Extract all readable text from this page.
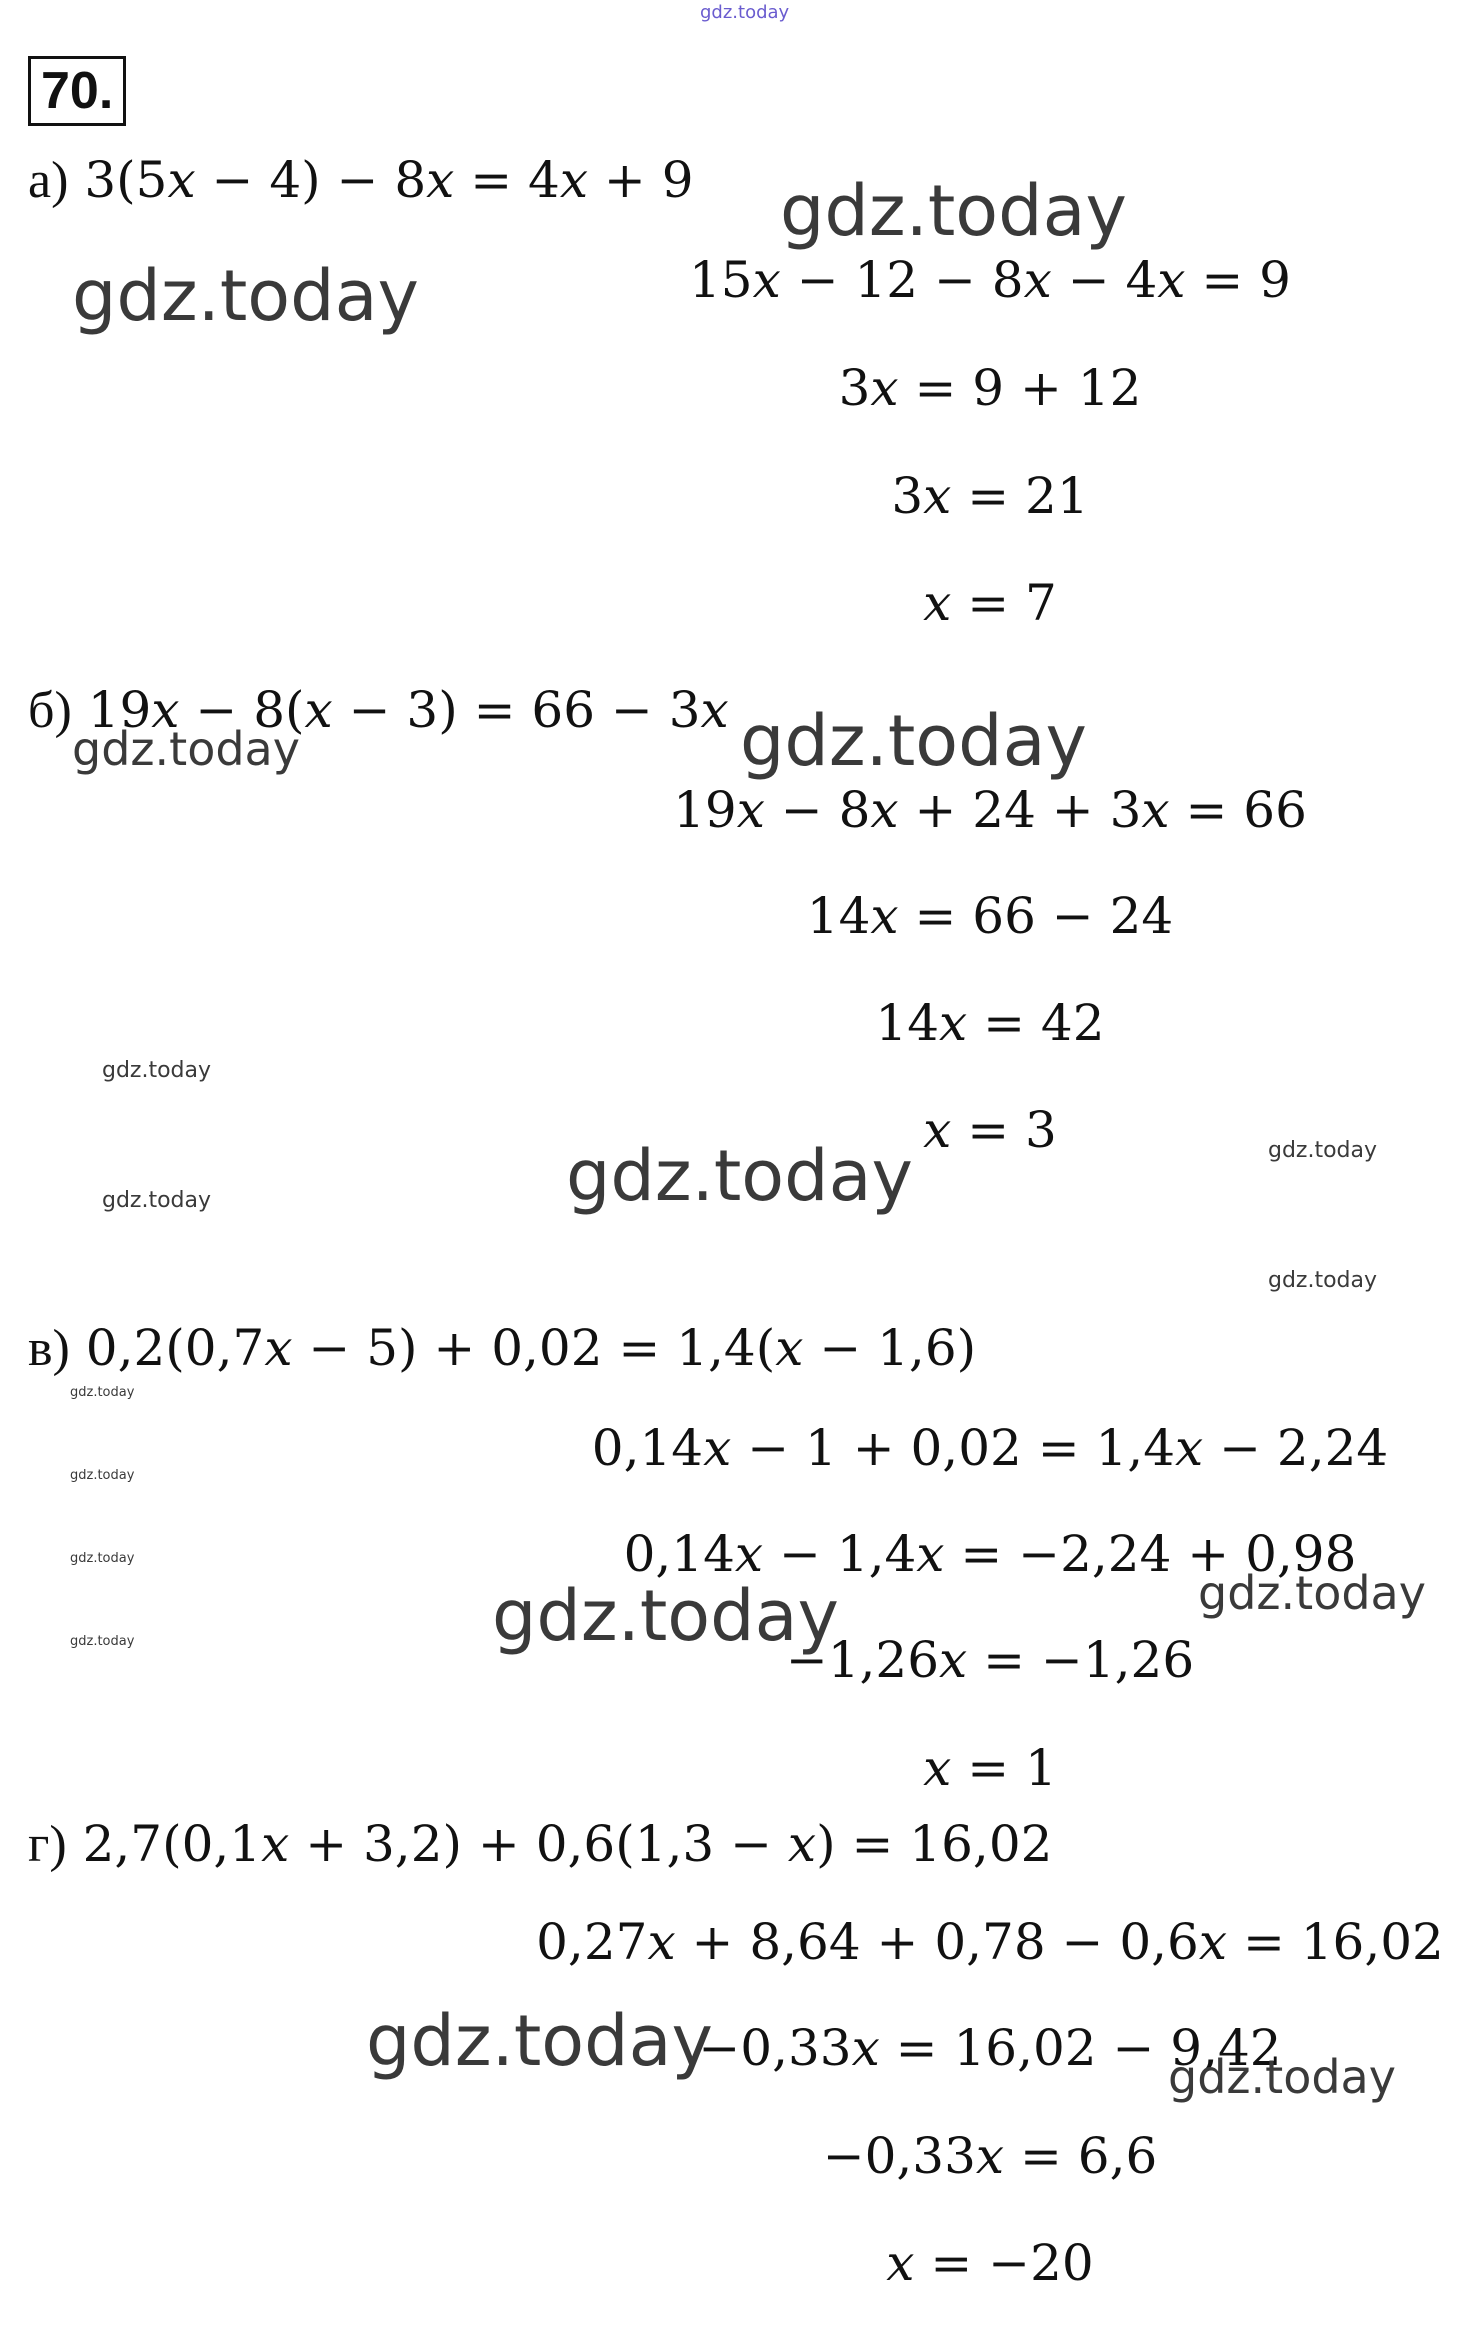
gdz.today
70.
а) 3(5𝑥 − 4) − 8𝑥 = 4𝑥 + 9
15𝑥 − 12 − 8𝑥 − 4𝑥 = 9
3𝑥 = 9 + 12
3𝑥 = 21
𝑥 = 7
б) 19𝑥 − 8(𝑥 − 3) = 66 − 3𝑥
19𝑥 − 8𝑥 + 24 + 3𝑥 = 66
14𝑥 = 66 − 24
14𝑥 = 42
𝑥 = 3
в) 0,2(0,7𝑥 − 5) + 0,02 = 1,4(𝑥 − 1,6)
0,14𝑥 − 1 + 0,02 = 1,4𝑥 − 2,24
0,14𝑥 − 1,4𝑥 = −2,24 + 0,98
−1,26𝑥 = −1,26
𝑥 = 1
г) 2,7(0,1𝑥 + 3,2) + 0,6(1,3 − 𝑥) = 16,02
0,27𝑥 + 8,64 + 0,78 − 0,6𝑥 = 16,02
−0,33𝑥 = 16,02 − 9,42
−0,33𝑥 = 6,6
𝑥 = −20
gdz.today
gdz.today
gdz.today	gdz.today
gdz.today
gdz.today
gdz.today
gdz.today
gdz.today
gdz.today
gdz.today
gdz.today
gdz.today	gdz.today	gdz.today
gdz.today	gdz.today
